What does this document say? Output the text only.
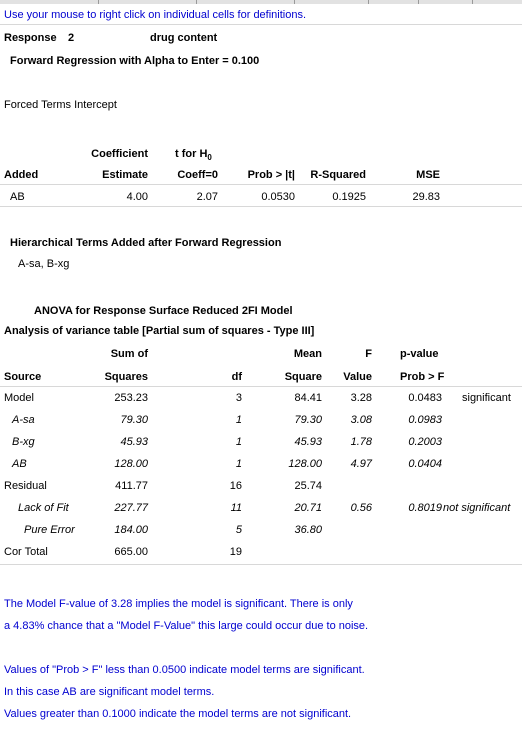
Use your mouse to right click on individual cells for definitions.
Response 2	drug content
Forward Regression with Alpha to Enter = 0.100
Forced Terms Intercept
Coefficient t for $H_0$
Added	Estimate	Coeff=0	Prob > |t|	R-Squared	MSE
AB	4.00	2.07	0.0530	0.1925	29.83
Hierarchical Terms Added after Forward Regression
A-sa, B-xg
ANOVA for Response Surface Reduced 2FI Model
Analysis of variance table [Partial sum of squares - Type III]
Sum of	Mean	F	p-value
Source	Squares	df	Square	Value	Prob > F
Model	253.23	3	84.41	3.28	0.0483 significant
A-sa	79.30	1	79.30	3.08	0.0983
B-xg	45.93	1	45.93	1.78	0.2003
AB	128.00	1	128.00	4.97	0.0404
Residual	411.77	16	25.74
Lack of Fit	227.77	11	20.71	0.56	0.8019 not significant
Pure Error	184.00	5	36.80
Cor Total	665.00	19
The Model F-value of 3.28 implies the model is significant. There is only
a 4.83% chance that a "Model F-Value" this large could occur due to noise.
Values of "Prob > F" less than 0.0500 indicate model terms are significant.
In this case AB are significant model terms.
Values greater than 0.1000 indicate the model terms are not significant.
